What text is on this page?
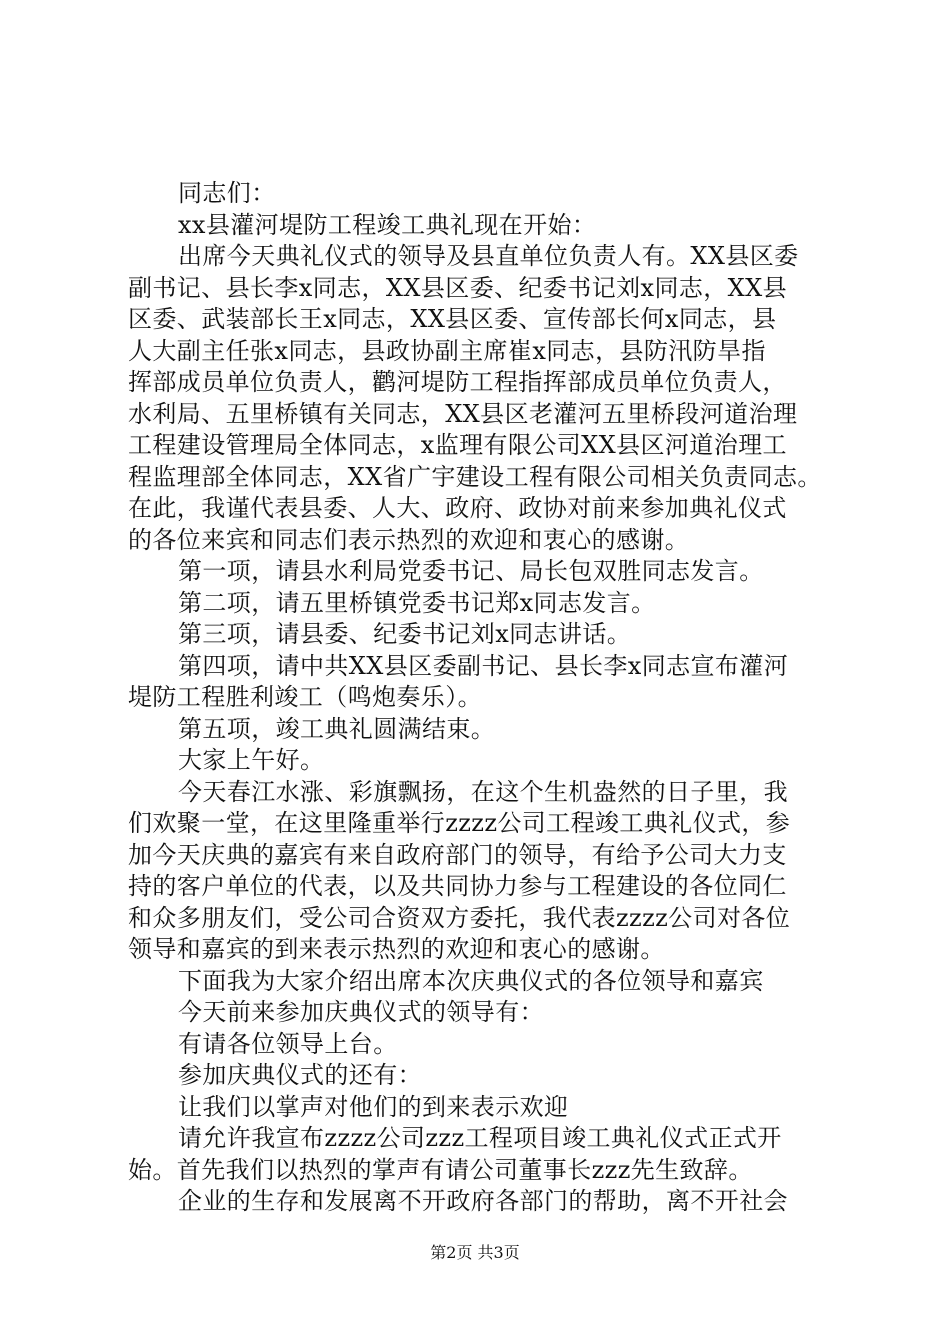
同志们：
xx县灌河堤防工程竣工典礼现在开始：
出席今天典礼仪式的领导及县直单位负责人有。XX县区委
副书记、县长李x同志，XX县区委、纪委书记刘x同志，XX县
区委、武装部长王x同志，XX县区委、宣传部长何x同志，县
人大副主任张x同志，县政协副主席崔x同志，县防汛防旱指
挥部成员单位负责人，鹳河堤防工程指挥部成员单位负责人，
水利局、五里桥镇有关同志，XX县区老灌河五里桥段河道治理
工程建设管理局全体同志，x监理有限公司XX县区河道治理工
程监理部全体同志，XX省广宇建设工程有限公司相关负责同志。
在此，我谨代表县委、人大、政府、政协对前来参加典礼仪式
的各位来宾和同志们表示热烈的欢迎和衷心的感谢。
第一项，请县水利局党委书记、局长包双胜同志发言。
第二项，请五里桥镇党委书记郑x同志发言。
第三项，请县委、纪委书记刘x同志讲话。
第四项，请中共XX县区委副书记、县长李x同志宣布灌河
堤防工程胜利竣工（鸣炮奏乐）。
第五项，竣工典礼圆满结束。
大家上午好。
今天春江水涨、彩旗飘扬，在这个生机盎然的日子里，我
们欢聚一堂，在这里隆重举行zzzz公司工程竣工典礼仪式，参
加今天庆典的嘉宾有来自政府部门的领导，有给予公司大力支
持的客户单位的代表，以及共同协力参与工程建设的各位同仁
和众多朋友们，受公司合资双方委托，我代表zzzz公司对各位
领导和嘉宾的到来表示热烈的欢迎和衷心的感谢。
下面我为大家介绍出席本次庆典仪式的各位领导和嘉宾
今天前来参加庆典仪式的领导有：
有请各位领导上台。
参加庆典仪式的还有：
让我们以掌声对他们的到来表示欢迎
请允许我宣布zzzz公司zzz工程项目竣工典礼仪式正式开
始。首先我们以热烈的掌声有请公司董事长zzz先生致辞。
企业的生存和发展离不开政府各部门的帮助，离不开社会
第2页 共3页
